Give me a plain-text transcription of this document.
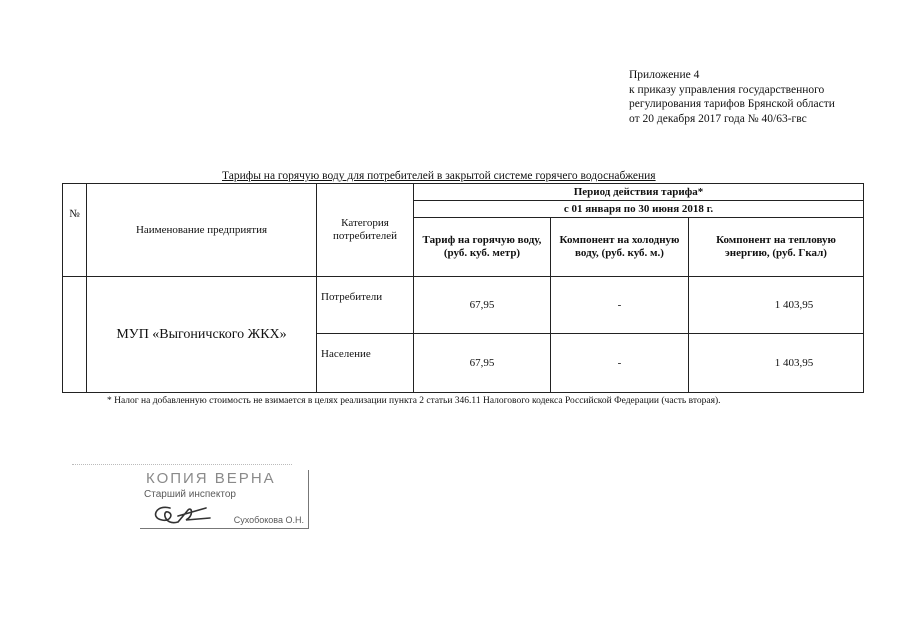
Приложение 4
к приказу управления государственного
регулирования тарифов Брянской области
от 20 декабря 2017 года № 40/63-гвс
Тарифы на горячую воду для потребителей в закрытой системе горячего водоснабжения
№	Наименование предприятия	Категория потребителей	Период действия тарифа*		
			с 01 января по 30 июня 2018 г.		
			Тариф на горячую воду, (руб. куб. метр)	Компонент на холодную воду, (руб. куб. м.)	Компонент на тепловую энергию, (руб. Гкал)
	МУП «Выгоничского ЖКХ»	Потребители	67,95	-	1 403,95
		Население	67,95	-	1 403,95
* Налог на добавленную стоимость не взимается в целях реализации пункта 2 статьи 346.11 Налогового кодекса Российской Федерации (часть вторая).
КОПИЯ ВЕРНА
Старший инспектор
Сухобокова О.Н.
